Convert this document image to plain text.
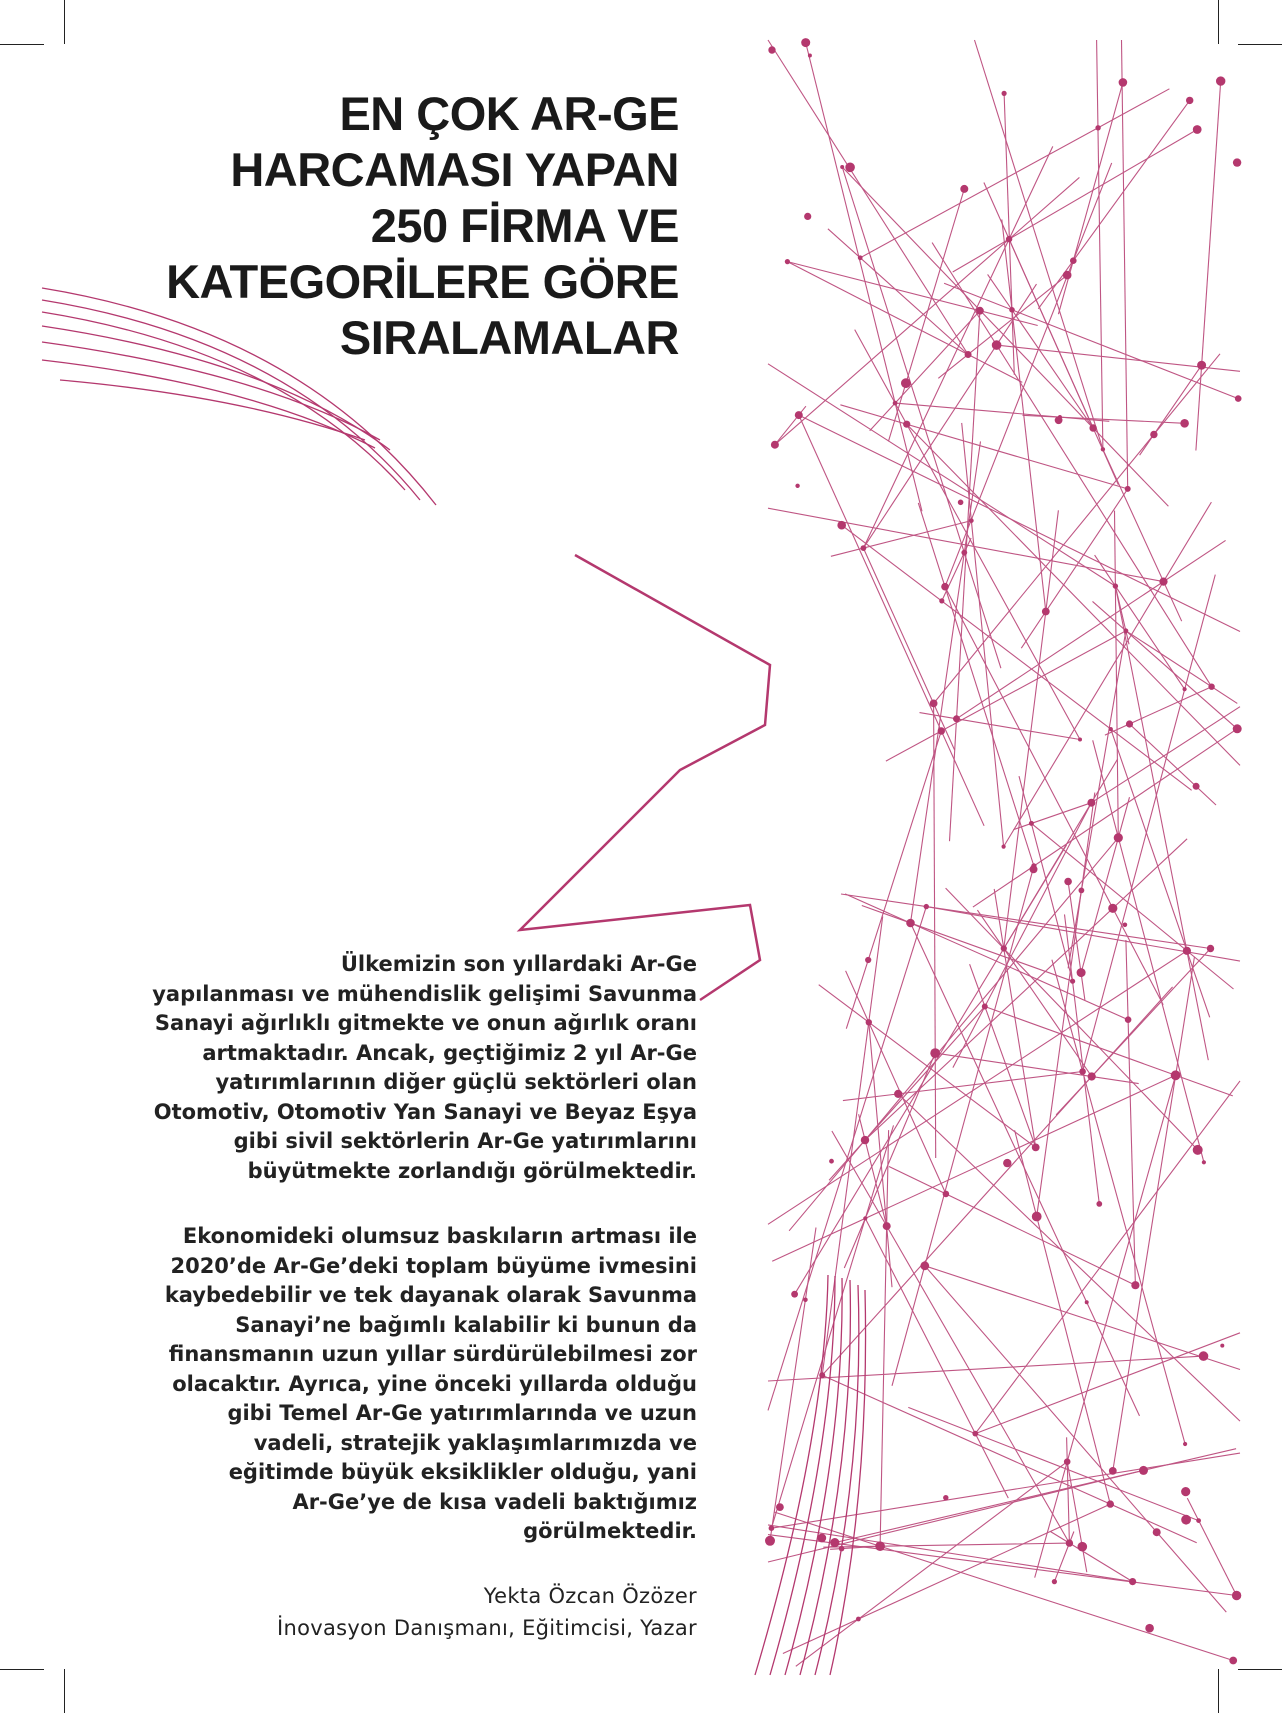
EN ÇOK AR-GE
HARCAMASI YAPAN
250 FİRMA VE
KATEGORİLERE GÖRE
SIRALAMALAR

Ülkemizin son yıllardaki Ar-Ge
yapılanması ve mühendislik gelişimi Savunma
Sanayi ağırlıklı gitmekte ve onun ağırlık oranı
artmaktadır. Ancak, geçtiğimiz 2 yıl Ar-Ge
yatırımlarının diğer güçlü sektörleri olan
Otomotiv, Otomotiv Yan Sanayi ve Beyaz Eşya
gibi sivil sektörlerin Ar-Ge yatırımlarını
büyütmekte zorlandığı görülmektedir.

Ekonomideki olumsuz baskıların artması ile
2020’de Ar-Ge’deki toplam büyüme ivmesini
kaybedebilir ve tek dayanak olarak Savunma
Sanayi’ne bağımlı kalabilir ki bunun da
finansmanın uzun yıllar sürdürülebilmesi zor
olacaktır. Ayrıca, yine önceki yıllarda olduğu
gibi Temel Ar-Ge yatırımlarında ve uzun
vadeli, stratejik yaklaşımlarımızda ve
eğitimde büyük eksiklikler olduğu, yani
Ar-Ge’ye de kısa vadeli baktığımız
görülmektedir.

Yekta Özcan Özözer
İnovasyon Danışmanı, Eğitimcisi, Yazar
